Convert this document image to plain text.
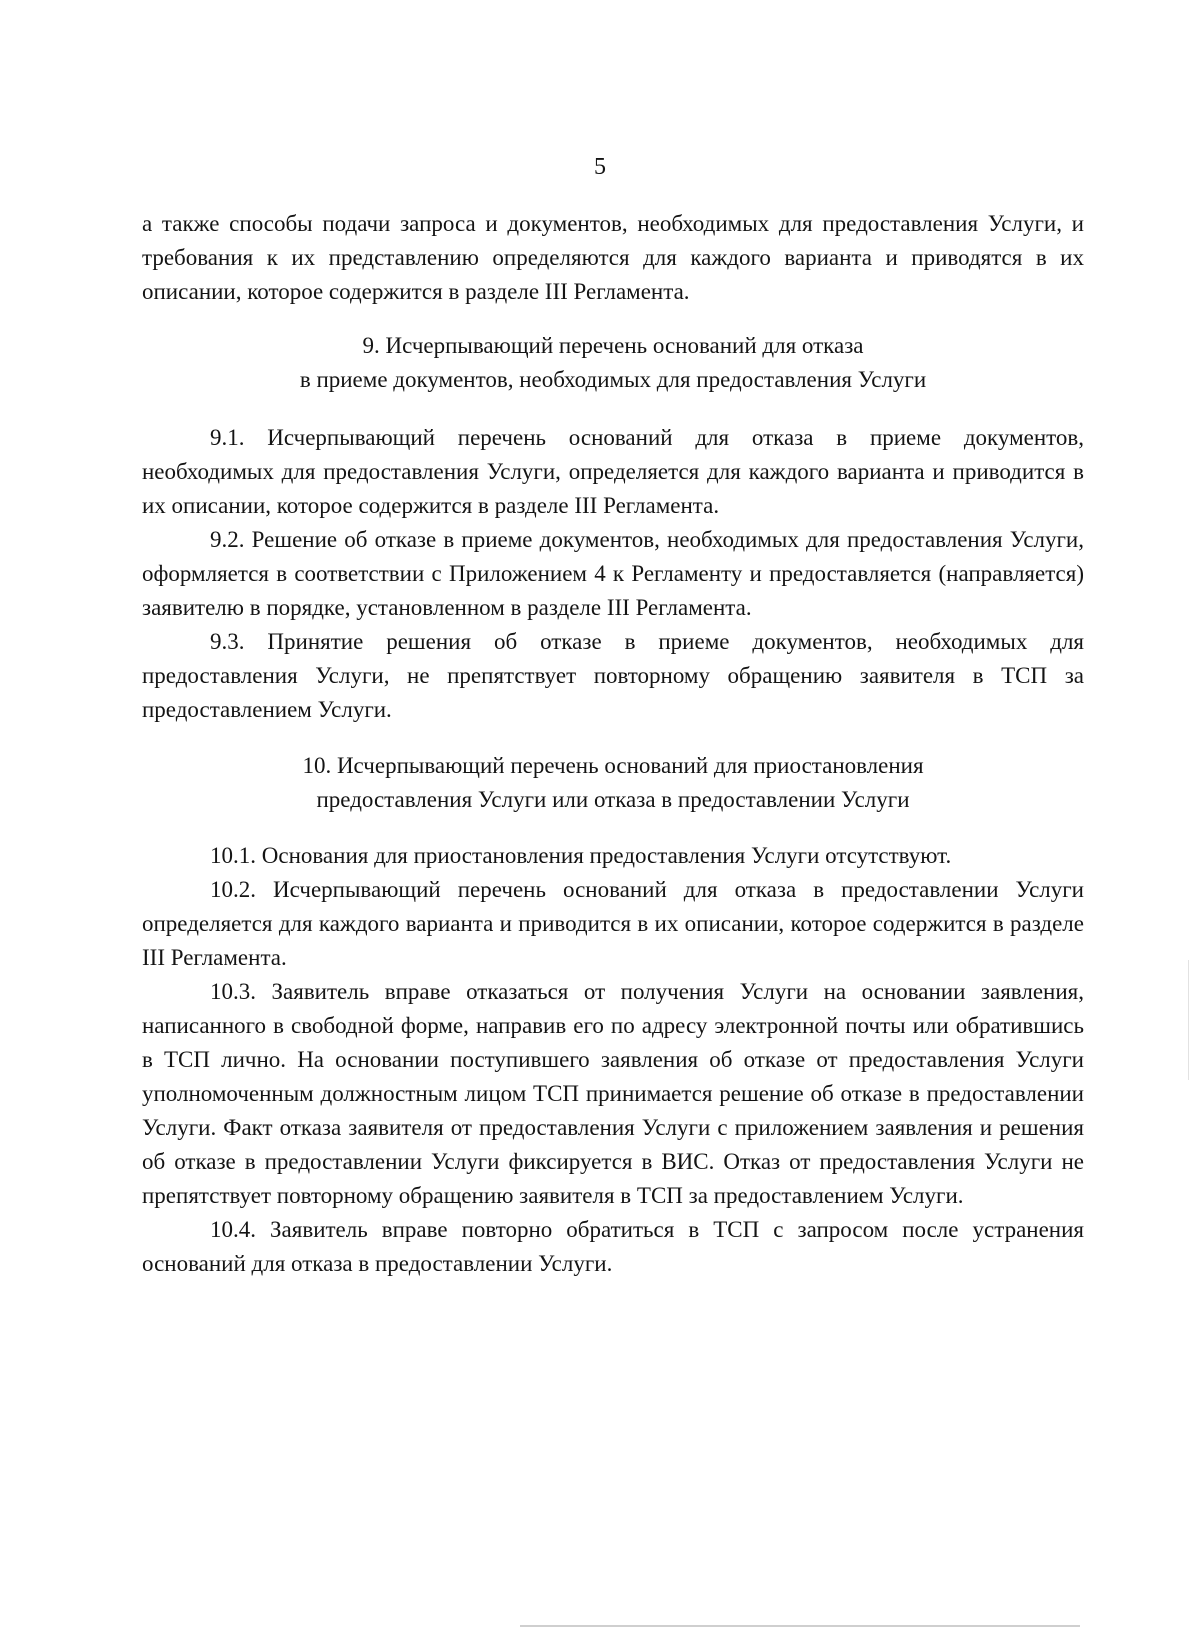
5

а также способы подачи запроса и документов, необходимых для предоставления Услуги, и требования к их представлению определяются для каждого варианта и приводятся в их описании, которое содержится в разделе III Регламента.

9. Исчерпывающий перечень оснований для отказа
в приеме документов, необходимых для предоставления Услуги

9.1. Исчерпывающий перечень оснований для отказа в приеме документов, необходимых для предоставления Услуги, определяется для каждого варианта и приводится в их описании, которое содержится в разделе III Регламента.

9.2. Решение об отказе в приеме документов, необходимых для предоставления Услуги, оформляется в соответствии с Приложением 4 к Регламенту и предоставляется (направляется) заявителю в порядке, установленном в разделе III Регламента.

9.3. Принятие решения об отказе в приеме документов, необходимых для предоставления Услуги, не препятствует повторному обращению заявителя в ТСП за предоставлением Услуги.

10. Исчерпывающий перечень оснований для приостановления
предоставления Услуги или отказа в предоставлении Услуги

10.1. Основания для приостановления предоставления Услуги отсутствуют.

10.2. Исчерпывающий перечень оснований для отказа в предоставлении Услуги определяется для каждого варианта и приводится в их описании, которое содержится в разделе III Регламента.

10.3. Заявитель вправе отказаться от получения Услуги на основании заявления, написанного в свободной форме, направив его по адресу электронной почты или обратившись в ТСП лично. На основании поступившего заявления об отказе от предоставления Услуги уполномоченным должностным лицом ТСП принимается решение об отказе в предоставлении Услуги. Факт отказа заявителя от предоставления Услуги с приложением заявления и решения об отказе в предоставлении Услуги фиксируется в ВИС. Отказ от предоставления Услуги не препятствует повторному обращению заявителя в ТСП за предоставлением Услуги.

10.4. Заявитель вправе повторно обратиться в ТСП с запросом после устранения оснований для отказа в предоставлении Услуги.
